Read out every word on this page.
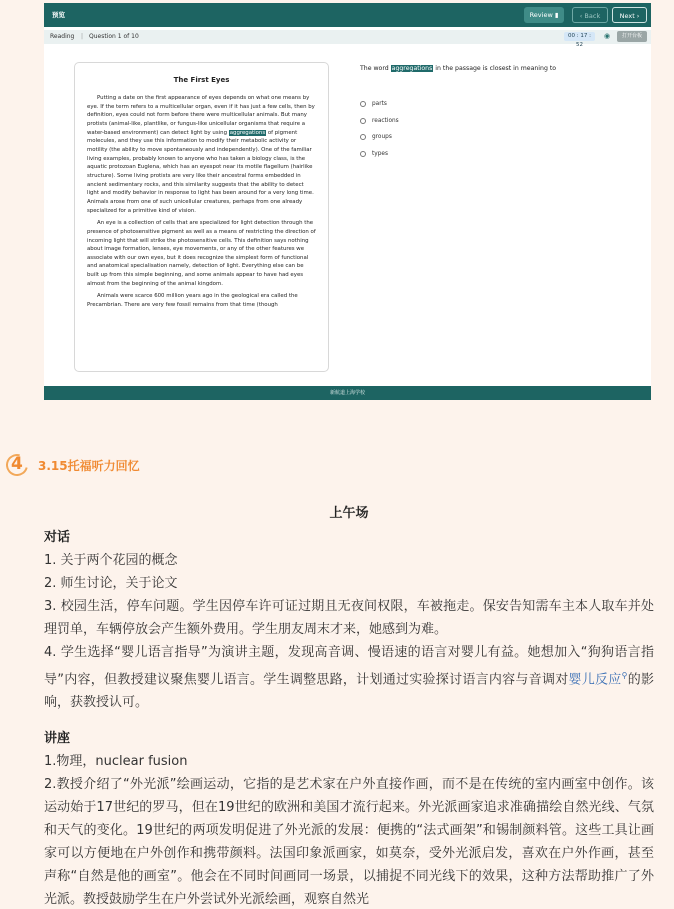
预览	Review ▮	‹ Back	Next ›
Reading | Question 1 of 10	00 : 17 : 52
◉	打开台板
The First Eyes

Putting a date on the first appearance of eyes depends on what one means by eye. If the term refers to a multicellular organ, even if it has just a few cells, then by definition, eyes could not form before there were multicellular animals. But many protists (animal-like, plantlike, or fungus-like unicellular organisms that require a water-based environment) can detect light by using aggregations of pigment molecules, and they use this information to modify their metabolic activity or motility (the ability to move spontaneously and independently). One of the familiar living examples, probably known to anyone who has taken a biology class, is the aquatic protozoan Euglena, which has an eyespot near its motile flagellum (hairlike structure). Some living protists are very like their ancestral forms embedded in ancient sedimentary rocks, and this similarity suggests that the ability to detect light and modify behavior in response to light has been around for a very long time. Animals arose from one of such unicellular creatures, perhaps from one already specialized for a primitive kind of vision.

An eye is a collection of cells that are specialized for light detection through the presence of photosensitive pigment as well as a means of restricting the direction of incoming light that will strike the photosensitive cells. This definition says nothing about image formation, lenses, eye movements, or any of the other features we associate with our own eyes, but it does recognize the simplest form of functional and anatomical specialisation namely, detection of light. Everything else can be built up from this simple beginning, and some animals appear to have had eyes almost from the beginning of the animal kingdom.

Animals were scarce 600 million years ago in the geological era called the Precambrian. There are very few fossil remains from that time (though

The word aggregations in the passage is closest in meaning to
parts
reactions
groups
types
新航道上海学校
4 3.15托福听力回忆
上午场
对话
1. 关于两个花园的概念
2. 师生讨论，关于论文
3. 校园生活，停车问题。学生因停车许可证过期且无夜间权限，车被拖走。保安告知需车主本人取车并处理罚单，车辆停放会产生额外费用。学生朋友周末才来，她感到为难。
4. 学生选择“婴儿语言指导”为演讲主题，发现高音调、慢语速的语言对婴儿有益。她想加入“狗狗语言指导”内容，但教授建议聚焦婴儿语言。学生调整思路，计划通过实验探讨语言内容与音调对婴儿反应⚲的影响，获教授认可。
讲座
1.物理，nuclear fusion
2.教授介绍了“外光派”绘画运动，它指的是艺术家在户外直接作画，而不是在传统的室内画室中创作。该运动始于17世纪的罗马，但在19世纪的欧洲和美国才流行起来。外光派画家追求准确描绘自然光线、气氛和天气的变化。19世纪的两项发明促进了外光派的发展：便携的“法式画架”和锡制颜料管。这些工具让画家可以方便地在户外创作和携带颜料。法国印象派画家，如莫奈，受外光派启发，喜欢在户外作画，甚至声称“自然是他的画室”。他会在不同时间画同一场景，以捕捉不同光线下的效果，这种方法帮助推广了外光派。教授鼓励学生在户外尝试外光派绘画，观察自然光
